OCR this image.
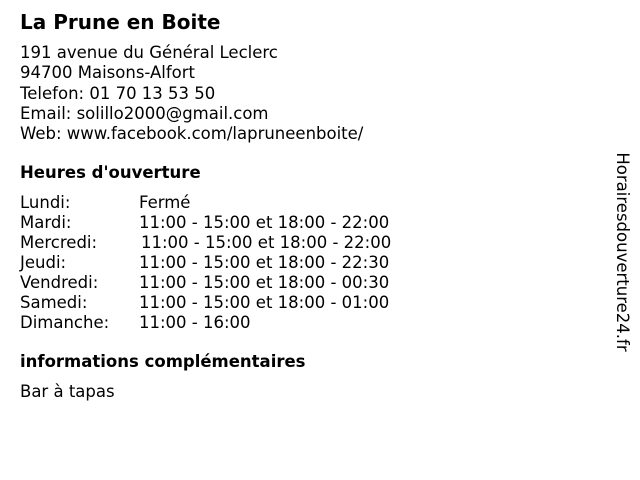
La Prune en Boite
191 avenue du Général Leclerc
94700 Maisons-Alfort
Telefon: 01 70 13 53 50
Email: solillo2000@gmail.com
Web: www.facebook.com/lapruneenboite/
Heures d'ouverture
Lundi:	Fermé
Mardi:	11:00 - 15:00 et 18:00 - 22:00
Mercredi:	11:00 - 15:00 et 18:00 - 22:00
Jeudi:	11:00 - 15:00 et 18:00 - 22:30
Vendredi:	11:00 - 15:00 et 18:00 - 00:30
Samedi:	11:00 - 15:00 et 18:00 - 01:00
Dimanche:	11:00 - 16:00
informations complémentaires
Bar à tapas
Horairesdouverture24.fr
